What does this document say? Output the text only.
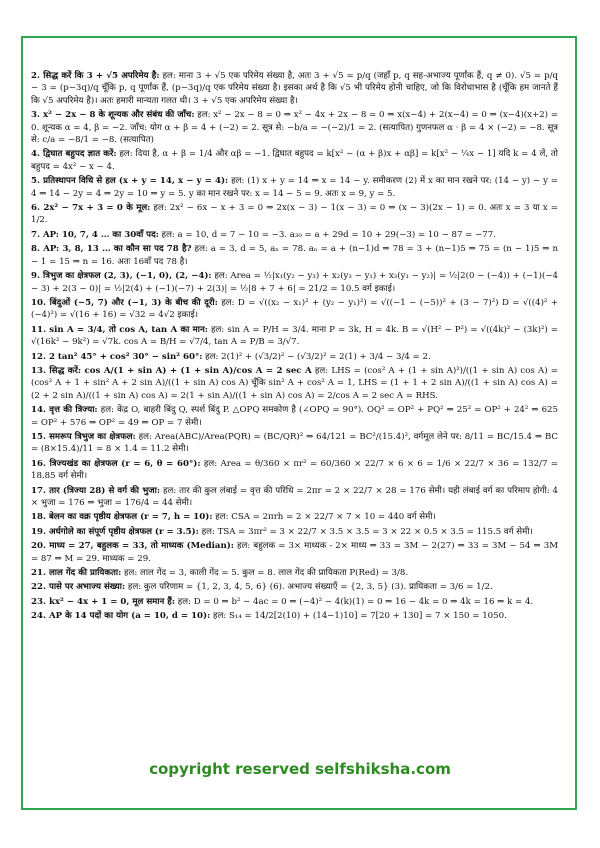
2. सिद्ध करें कि 3 + √5 अपरिमेय है: हल: माना 3 + √5 एक परिमेय संख्या है, अतः 3 + √5 = p/q (जहाँ p, q सह-अभाज्य पूर्णांक हैं, q ≠ 0). √5 = p/q − 3 = (p−3q)/q चूँकि p, q पूर्णांक हैं, (p−3q)/q एक परिमेय संख्या है। इसका अर्थ है कि √5 भी परिमेय होनी चाहिए, जो कि विरोधाभास है (चूँकि हम जानते हैं कि √5 अपरिमेय है)। अतः हमारी मान्यता गलत थी। 3 + √5 एक अपरिमेय संख्या है।
3. x² − 2x − 8 के शून्यक और संबंध की जाँच: हल: x² − 2x − 8 = 0 ⇒ x² − 4x + 2x − 8 = 0 ⇒ x(x−4) + 2(x−4) = 0 ⇒ (x−4)(x+2) = 0. शून्यक α = 4, β = −2. जाँच: योग α + β = 4 + (−2) = 2. सूत्र से: −b/a = −(−2)/1 = 2. (सत्यापित) गुणनफल α · β = 4 × (−2) = −8. सूत्र से: c/a = −8/1 = −8. (सत्यापित)
4. द्विघात बहुपद ज्ञात करें: हल: दिया है, α + β = 1/4 और αβ = −1. द्विघात बहुपद = k[x² − (α + β)x + αβ] = k[x² − ¼x − 1] यदि k = 4 लें, तो बहुपद = 4x² − x − 4.
5. प्रतिस्थापन विधि से हल (x + y = 14, x − y = 4): हल: (1) x + y = 14 ⇒ x = 14 − y. समीकरण (2) में x का मान रखने पर: (14 − y) − y = 4 ⇒ 14 − 2y = 4 ⇒ 2y = 10 ⇒ y = 5. y का मान रखने पर: x = 14 − 5 = 9. अतः x = 9, y = 5.
6. 2x² − 7x + 3 = 0 के मूल: हल: 2x² − 6x − x + 3 = 0 ⇒ 2x(x − 3) − 1(x − 3) = 0 ⇒ (x − 3)(2x − 1) = 0. अतः x = 3 या x = 1/2.
7. AP: 10, 7, 4 … का 30वाँ पद: हल: a = 10, d = 7 − 10 = −3. a₃₀ = a + 29d = 10 + 29(−3) = 10 − 87 = −77.
8. AP: 3, 8, 13 … का कौन सा पद 78 है? हल: a = 3, d = 5, aₙ = 78. aₙ = a + (n−1)d ⇒ 78 = 3 + (n−1)5 ⇒ 75 = (n − 1)5 ⇒ n − 1 = 15 ⇒ n = 16. अतः 16वाँ पद 78 है।
9. त्रिभुज का क्षेत्रफल (2, 3), (−1, 0), (2, −4): हल: Area = ½|x₁(y₂ − y₃) + x₂(y₃ − y₁) + x₃(y₁ − y₂)| = ½|2(0 − (−4)) + (−1)(−4 − 3) + 2(3 − 0)| = ½|2(4) + (−1)(−7) + 2(3)| = ½|8 + 7 + 6| = 21/2 = 10.5 वर्ग इकाई।
10. बिंदुओं (−5, 7) और (−1, 3) के बीच की दूरी: हल: D = √((x₂ − x₁)² + (y₂ − y₁)²) = √((−1 − (−5))² + (3 − 7)²) D = √((4)² + (−4)²) = √(16 + 16) = √32 = 4√2 इकाई।
11. sin A = 3/4, तो cos A, tan A का मान: हल: sin A = P/H = 3/4. माना P = 3k, H = 4k. B = √(H² − P²) = √((4k)² − (3k)²) = √(16k² − 9k²) = √7k. cos A = B/H = √7/4, tan A = P/B = 3/√7.
12. 2 tan² 45° + cos² 30° − sin² 60°: हल: 2(1)² + (√3/2)² − (√3/2)² = 2(1) + 3/4 − 3/4 = 2.
13. सिद्ध करें: cos A/(1 + sin A) + (1 + sin A)/cos A = 2 sec A हल: LHS = (cos² A + (1 + sin A)²)/((1 + sin A) cos A) = (cos² A + 1 + sin² A + 2 sin A)/((1 + sin A) cos A) चूँकि sin² A + cos² A = 1, LHS = (1 + 1 + 2 sin A)/((1 + sin A) cos A) = (2 + 2 sin A)/((1 + sin A) cos A) = 2(1 + sin A)/((1 + sin A) cos A) = 2/cos A = 2 sec A = RHS.
14. वृत्त की त्रिज्या: हल: केंद्र O, बाहरी बिंदु Q, स्पर्श बिंदु P. △OPQ समकोण है (∠OPQ = 90°). OQ² = OP² + PQ² ⇒ 25² = OP² + 24² ⇒ 625 = OP² + 576 ⇒ OP² = 49 ⇒ OP = 7 सेमी।
15. समरूप त्रिभुज का क्षेत्रफल: हल: Area(ABC)/Area(PQR) = (BC/QR)² ⇒ 64/121 = BC²/(15.4)², वर्गमूल लेने पर: 8/11 = BC/15.4 ⇒ BC = (8×15.4)/11 = 8 × 1.4 = 11.2 सेमी।
16. त्रिज्यखंड का क्षेत्रफल (r = 6, θ = 60°): हल: Area = θ/360 × πr² = 60/360 × 22/7 × 6 × 6 = 1/6 × 22/7 × 36 = 132/7 = 18.85 वर्ग सेमी।
17. तार (त्रिज्या 28) से वर्ग की भुजा: हल: तार की कुल लंबाई = वृत्त की परिधि = 2πr = 2 × 22/7 × 28 = 176 सेमी। यही लंबाई वर्ग का परिमाप होगी: 4 × भुजा = 176 ⇒ भुजा = 176/4 = 44 सेमी।
18. बेलन का वक्र पृष्ठीय क्षेत्रफल (r = 7, h = 10): हल: CSA = 2πrh = 2 × 22/7 × 7 × 10 = 440 वर्ग सेमी।
19. अर्धगोले का संपूर्ण पृष्ठीय क्षेत्रफल (r = 3.5): हल: TSA = 3πr² = 3 × 22/7 × 3.5 × 3.5 = 3 × 22 × 0.5 × 3.5 = 115.5 वर्ग सेमी।
20. माध्य = 27, बहुलक = 33, तो माध्यक (Median): हल: बहुलक = 3× माध्यक - 2× माध्य ⇒ 33 = 3M − 2(27) ⇒ 33 = 3M − 54 ⇒ 3M = 87 ⇒ M = 29. माध्यक = 29.
21. लाल गेंद की प्रायिकता: हल: लाल गेंद = 3, काली गेंद = 5. कुल = 8. लाल गेंद की प्रायिकता P(Red) = 3/8.
22. पासे पर अभाज्य संख्या: हल: कुल परिणाम = {1, 2, 3, 4, 5, 6} (6). अभाज्य संख्याएँ = {2, 3, 5} (3). प्रायिकता = 3/6 = 1/2.
23. kx² − 4x + 1 = 0, मूल समान हैं: हल: D = 0 ⇒ b² − 4ac = 0 ⇒ (−4)² − 4(k)(1) = 0 ⇒ 16 − 4k = 0 ⇒ 4k = 16 ⇒ k = 4.
24. AP के 14 पदों का योग (a = 10, d = 10): हल: S₁₄ = 14/2[2(10) + (14−1)10] = 7[20 + 130] = 7 × 150 = 1050.
copyright reserved selfshiksha.com
